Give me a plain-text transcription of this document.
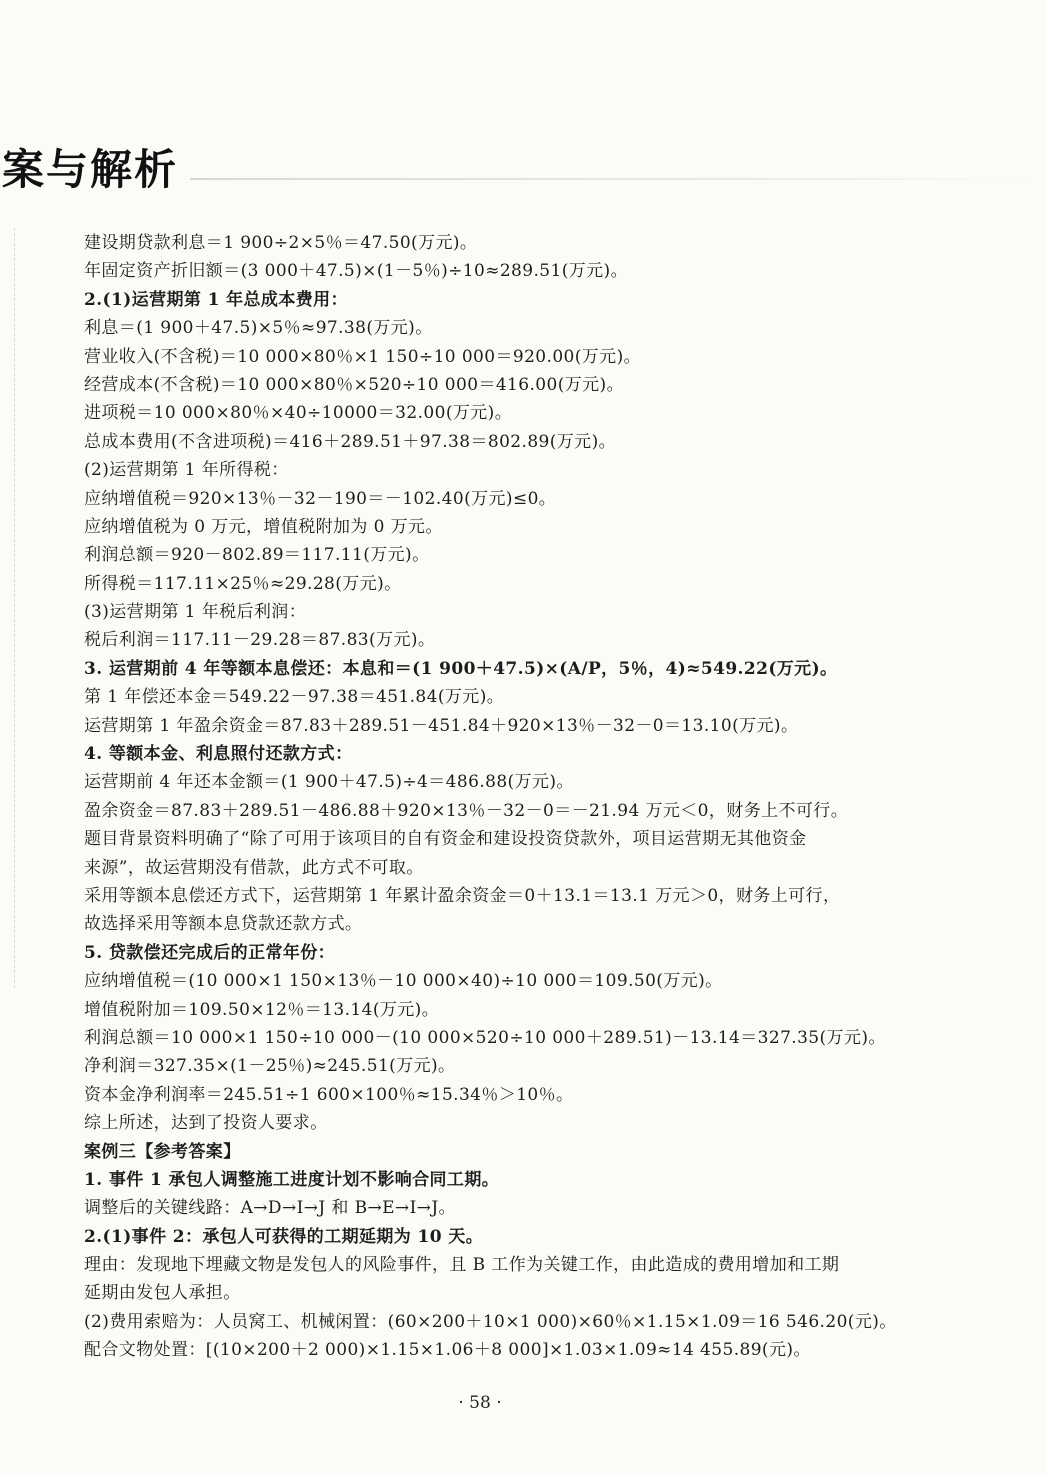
案与解析
建设期贷款利息＝1 900÷2×5％＝47.50(万元)。
年固定资产折旧额＝(3 000＋47.5)×(1－5％)÷10≈289.51(万元)。
2.(1)运营期第 1 年总成本费用：
利息＝(1 900＋47.5)×5％≈97.38(万元)。
营业收入(不含税)＝10 000×80％×1 150÷10 000＝920.00(万元)。
经营成本(不含税)＝10 000×80％×520÷10 000＝416.00(万元)。
进项税＝10 000×80％×40÷10000＝32.00(万元)。
总成本费用(不含进项税)＝416＋289.51＋97.38＝802.89(万元)。
(2)运营期第 1 年所得税：
应纳增值税＝920×13％－32－190＝－102.40(万元)≤0。
应纳增值税为 0 万元，增值税附加为 0 万元。
利润总额＝920－802.89＝117.11(万元)。
所得税＝117.11×25％≈29.28(万元)。
(3)运营期第 1 年税后利润：
税后利润＝117.11－29.28＝87.83(万元)。
3. 运营期前 4 年等额本息偿还：本息和＝(1 900＋47.5)×(A/P，5％，4)≈549.22(万元)。
第 1 年偿还本金＝549.22－97.38＝451.84(万元)。
运营期第 1 年盈余资金＝87.83＋289.51－451.84＋920×13％－32－0＝13.10(万元)。
4. 等额本金、利息照付还款方式：
运营期前 4 年还本金额＝(1 900＋47.5)÷4＝486.88(万元)。
盈余资金＝87.83＋289.51－486.88＋920×13％－32－0＝－21.94 万元＜0，财务上不可行。
题目背景资料明确了“除了可用于该项目的自有资金和建设投资贷款外，项目运营期无其他资金
来源”，故运营期没有借款，此方式不可取。
采用等额本息偿还方式下，运营期第 1 年累计盈余资金＝0＋13.1＝13.1 万元＞0，财务上可行，
故选择采用等额本息贷款还款方式。
5. 贷款偿还完成后的正常年份：
应纳增值税＝(10 000×1 150×13％－10 000×40)÷10 000＝109.50(万元)。
增值税附加＝109.50×12％＝13.14(万元)。
利润总额＝10 000×1 150÷10 000－(10 000×520÷10 000＋289.51)－13.14＝327.35(万元)。
净利润＝327.35×(1－25％)≈245.51(万元)。
资本金净利润率＝245.51÷1 600×100％≈15.34％＞10％。
综上所述，达到了投资人要求。
案例三【参考答案】
1. 事件 1 承包人调整施工进度计划不影响合同工期。
调整后的关键线路：A→D→I→J 和 B→E→I→J。
2.(1)事件 2：承包人可获得的工期延期为 10 天。
理由：发现地下埋藏文物是发包人的风险事件，且 B 工作为关键工作，由此造成的费用增加和工期
延期由发包人承担。
(2)费用索赔为：人员窝工、机械闲置：(60×200＋10×1 000)×60％×1.15×1.09＝16 546.20(元)。
配合文物处置：[(10×200＋2 000)×1.15×1.06＋8 000]×1.03×1.09≈14 455.89(元)。
· 58 ·
